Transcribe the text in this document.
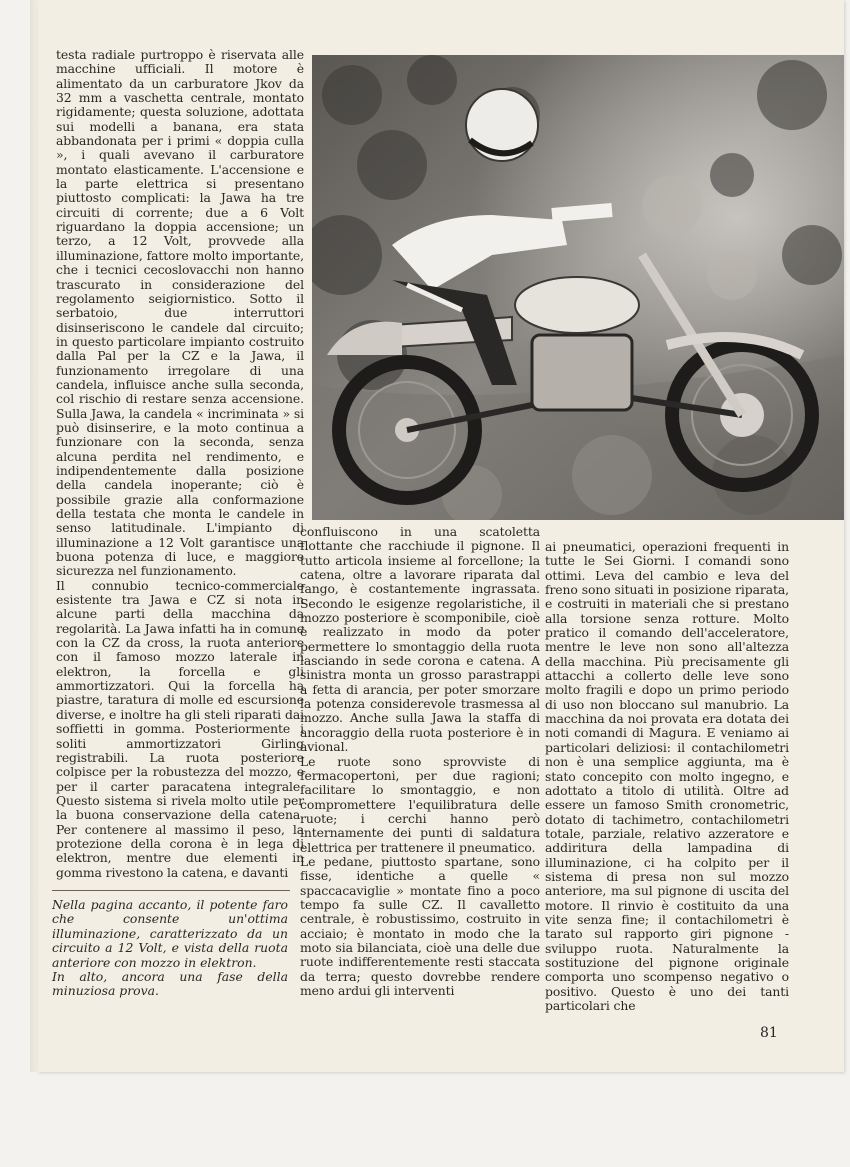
testa radiale purtroppo è riservata alle macchine ufficiali. Il motore è alimentato da un carburatore Jkov da 32 mm a vaschetta centrale, montato rigidamente; questa soluzione, adottata sui modelli a banana, era stata abbandonata per i primi « doppia culla », i quali avevano il carburatore montato elasticamente. L'accensione e la parte elettrica si presentano piuttosto complicati: la Jawa ha tre circuiti di corrente; due a 6 Volt riguardano la doppia accensione; un terzo, a 12 Volt, provvede alla illuminazione, fattore molto importante, che i tecnici cecoslovacchi non hanno trascurato in considerazione del regolamento seigiornistico. Sotto il serbatoio, due interruttori disinseriscono le candele dal circuito; in questo particolare impianto costruito dalla Pal per la CZ e la Jawa, il funzionamento irregolare di una candela, influisce anche sulla seconda, col rischio di restare senza accensione. Sulla Jawa, la candela « incriminata » si può disinserire, e la moto continua a funzionare con la seconda, senza alcuna perdita nel rendimento, e indipendentemente dalla posizione della candela inoperante; ciò è possibile grazie alla conformazione della testata che monta le candele in senso latitudinale. L'impianto di illuminazione a 12 Volt garantisce una buona potenza di luce, e maggiore sicurezza nel funzionamento.

Il connubio tecnico-commerciale esistente tra Jawa e CZ si nota in alcune parti della macchina da regolarità. La Jawa infatti ha in comune con la CZ da cross, la ruota anteriore con il famoso mozzo laterale in elektron, la forcella e gli ammortizzatori. Qui la forcella ha piastre, taratura di molle ed escursione diverse, e inoltre ha gli steli riparati dai soffietti in gomma. Posteriormente i soliti ammortizzatori Girling registrabili. La ruota posteriore colpisce per la robustezza del mozzo, e per il carter paracatena integrale. Questo sistema si rivela molto utile per la buona conservazione della catena. Per contenere al massimo il peso, la protezione della corona è in lega di elektron, mentre due elementi in gomma rivestono la catena, e davanti

Nella pagina accanto, il potente faro che consente un'ottima illuminazione, caratterizzato da un circuito a 12 Volt, e vista della ruota anteriore con mozzo in elektron.

In alto, ancora una fase della minuziosa prova.

confluiscono in una scatoletta flottante che racchiude il pignone. Il tutto articola insieme al forcellone; la catena, oltre a lavorare riparata dal fango, è costantemente ingrassata. Secondo le esigenze regolaristiche, il mozzo posteriore è scomponibile, cioè è realizzato in modo da poter permettere lo smontaggio della ruota lasciando in sede corona e catena. A sinistra monta un grosso parastrappi a fetta di arancia, per poter smorzare la potenza considerevole trasmessa al mozzo. Anche sulla Jawa la staffa di ancoraggio della ruota posteriore è in avional.

Le ruote sono sprovviste di fermacopertoni, per due ragioni; facilitare lo smontaggio, e non compromettere l'equilibratura delle ruote; i cerchi hanno però internamente dei punti di saldatura elettrica per trattenere il pneumatico.

Le pedane, piuttosto spartane, sono fisse, identiche a quelle « spaccacaviglie » montate fino a poco tempo fa sulle CZ. Il cavalletto centrale, è robustissimo, costruito in acciaio; è montato in modo che la moto sia bilanciata, cioè una delle due ruote indifferentemente resti staccata da terra; questo dovrebbe rendere meno ardui gli interventi

ai pneumatici, operazioni frequenti in tutte le Sei Giorni. I comandi sono ottimi. Leva del cambio e leva del freno sono situati in posizione riparata, e costruiti in materiali che si prestano alla torsione senza rotture. Molto pratico il comando dell'acceleratore, mentre le leve non sono all'altezza della macchina. Più precisamente gli attacchi a collerto delle leve sono molto fragili e dopo un primo periodo di uso non bloccano sul manubrio. La macchina da noi provata era dotata dei noti comandi di Magura. E veniamo ai particolari deliziosi: il contachilometri non è una semplice aggiunta, ma è stato concepito con molto ingegno, e adottato a titolo di utilità. Oltre ad essere un famoso Smith cronometric, dotato di tachimetro, contachilometri totale, parziale, relativo azzeratore e addiritura della lampadina di illuminazione, ci ha colpito per il sistema di presa non sul mozzo anteriore, ma sul pignone di uscita del motore. Il rinvio è costituito da una vite senza fine; il contachilometri è tarato sul rapporto giri pignone - sviluppo ruota. Naturalmente la sostituzione del pignone originale comporta uno scompenso negativo o positivo. Questo è uno dei tanti particolari che

81
